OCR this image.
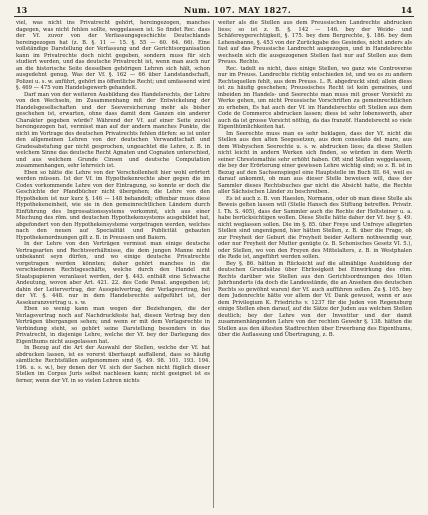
13	Num. 107. MAY 1827.	14

viel, was nicht ins Privatrecht gehört, hereingezogen, manches dagegen, was nicht fehlen sollte, weggelassen ist. So findet Rec. dass der Vf. zuvor von der Verfassungsgeschichte Deutschlands hereingezogen hat (z. B. §. 11 — 15. §. 55 — 60. 64. 66). Eine vollständige Darstellung der Verfassung und der Gerichtsorganisation kann im Privatrechte doch nicht gegeben, sondern muss für sich studiert werden, und das deutsche Privatrecht ist, wenn man auch nur an die historische Seite desselben gehörigen Lehren sich hält, schon ausgedehnt genug. Was der Vf. §. 162 — 66 über Landstandschaft, Polizei u. s. w. anführt, gehört ins öffentliche Recht; und umfassend wird §. 469 — 475 vom Handelsgewerb gehandelt.

Darf man von der weiteren Ausbildung des Handelsrechts, der Lehre von den Wechseln, im Zusammenhang mit der Entwickelung der Handelsgesellschaften und der Seeversicherung mehr als bisher geschehen ist, erwarten, ohne dass damit dem Ganzen ein anderer Charakter gegeben würde? Während der Vf. auf einer Seite zuviel hereingezogen hat, vermisst man auf der andern manches Punkte, die nicht im Vortrage des deutschen Privatrechts fehlen dürfen: so ist unter den allgemeinen Lehren von der deutschen Verwandtschaft und Gradesabstufung gar nicht gesprochen, ungeachtet die Lehre, z. B. in welchem Sinne das deutsche Recht Agnaten und Cognaten unterschied, und aus welchem Grunde Cinsen und deutsche Computation zusammenhangen, sehr lehrreich ist.

Eben so hätte die Lehre von der Verschollenheit hier wohl erörtert werden müssen. Ist der Vf. im Hypothekenrechte aber gegen die im Codex vorkommende Lehre von der Eintragung, so konnte er doch die Geschichte der Pfandbücher nicht übergehen; die Lehre von den Hypotheken ist nur kurz §. 146 — 148 behandelt; offenbar muss diese Hypothekeneinheit, wie sie in den gemeinrechtlichen Ländern durch Einführung des Ingrossationssystems vorkommt, sich aus einer Mischung des röm. und deutschen Hypothekensystems ausgebildet hat, abgefondert von den Hypothekensysteme vorgetragen werden, welches nach den neuen auf Specialität und Publicität gebauten Hypothekenordnungen gilt z. B. in Preussen und Baiern.

In der Lehre von den Verträgen vermisst man einige deutsche Vertragsarten und Rechtsverhältnisse, die dem jungen Manne nicht unbekannt seyn dürfen, und wo einige deutsche Privatrechte vorgetragen werden könnten; daher gehört manches in die verschiedenen Rechtsgeschäfte, welche durch den Handel mit Staatspapieren veranlasst werden, der §. 443. enthält eine Schwache Andeutung, wovon aber Art. 421. 22. des Code Penal. angegeben ist; dahin der Leitervertrag, der Ausspielvertrag, der Verlagsvertrag, bei der Vf. §. 448. nur in dem Handelsrechte aufgeführt ist, der Assekuranzvertrag u. s. w.

Eben so wenig kann man wegen der Beziehungen, die der Verlagsvertrag noch auf Nachdruckfeste hat, diesen Vertrag bey den Verträgen übergangen sehen; und wenn er mit dem Verlagsrechte in Verbindung steht, so gehört seine Darstellung besonders in das Privatrecht, in diejenige Lehre, welche der Vf. bey der Darlegung des Eigenthums nicht ausgelassen hat.

In Bezug auf die Art der Auswahl der Stellen, welche der Vf. hat abdrucken lassen, ist es vorerst überhaupt auffallend, dass so häufig sämtliche Rechtsfällen aufgenommen sind (§. 49. 98. 101. 193. 194. 196. u. s. w.), bey denen der Vf. sich der Sachen nicht füglich dieser Stellen im Corpus Juris selbst nachlesen kann; nicht geeignet ist es ferner, wenn der Vf. in so vielen Lehren nichts

weiter als die Stellen aus dem Preussischen Landrechte abdrucken liess; so ist z. B. §. 142 — 146. bey der Weide- und Schäfereygerechtigkeit, §. 175. bey dem Bergrechte, §. 186. bey dem Lehensbanne, §. 453 von der Zurückgabe des Gesindes, nicht anders als fast auf das Preussische Landrecht ausgezogen, und in Handelsrechte wechseln sich die ausgezogenen Stellen fast nur auf Stellen aus dem Preuss. Rechte.

Rec. tadelt es nicht, dass einige Stellen, wo ganz wie Controverse nur im Preuss. Landrechte richtig entschieden ist, und wo es zu andern Rechtsquellen fehlt, aus dem Preuss. L. R. abgedruckt sind; allein diess ist zu häufig geschehen; Preussisches Recht ist kein gemeines, und inbeiden im Handels- und Seerechte man muss mit groser Vorsicht zu Werke gehen, um nicht Preussische Vorschriften zu gemeinrechtlichen zu erheben, Es hat auch der Vf. im Handelsrechte oft Stellen aus dem Code de Commerce abdrucken lassen; diess ist sehr lobenswerth, aber auch da ist grosse Vorsicht nöthig, da das franzöf. Handelsrecht so viele Eigenthümlichkeiten hat.

Im Seerechte muss man es sehr beklagen, dass der Vf. nicht die Stellen aus den alten Seegesetzen, aus dem consolato del mare, aus dem Wisbyschen Seerechte u. s. w. abdrucken liess; da diese Stellen nicht leicht in andern Werken sich finden, so würden in dem Werth seiner Chrestomathie sehr erhöht haben. Oft sind Stellen weggelassen, die bey der Erörterung einer gewissen Lehre wichtig sind; so z. B. ist in Bezug auf den Sachsenspiegel eine Hauptstelle im Buch III. 64, weil es darauf ankommt, ob man aus dieser Stelle beweisen will, dass der Sammler dieses Rechtsbuches gar nicht die Absicht hatte, die Rechte aller Sächsischen Länder zu beschreiben.

Es ist auch z. B. von Haeslen, Normann, oder ob man diese Stelle als Beweis gelten lassen will (Stelle Hansch des Stiftung betreffen. Privatr. I. Th. S. 405), dass der Sammler auch die Rechte der Holtsteiner u. a. habe berücksichtigen wollen. Diese Stelle hätte daher der Vf. bey §. 49. nicht weglassen sollen. Die im §. 85. über Freye und Unfreye allegirten Stellen sind ungenügend, hier hätten Stellen, z. B. über die Frage, ob zur Freyheit der Geburt die Freyheit beider Aeltern nothwendig war, oder nur Freyheit der Mutter genügte (z. B. Schonisches Gesetz VI. 5.), oder Stellen, wo von den Freyen des Mittelalters, z. B. in Westphalen die Rede ist, angeführt werden sollen.

Bey §. 86. hätten in Rücksicht auf die allmählige Ausbildung der deutschen Grundsätze über Ehrlosigkeit bei Einwirkung des röm. Rechts darüber wie Stellen aus den Gerichtsordnungen des 16ten Jahrhunderts (da doch die Landesstände, die an Ansehen des deutschen Rechts so gewöhnt waren) der Vf. auch aufführen sollen. Zu §. 105. bey dem Judenrechte hätte vor allem der Vf. Dank gewusst, wenn er aus dem Privilegium K. Friedrichs v. 1237 für die Juden von Regensburg einige Stellen eben darauf, auf die Sätze der Juden aus welchen Stellen deutlich; bey der Lehre von der Investitur und der damit zusammenhängenden Lehre von der rechten Gewehr §. 138. hätten die Stellen aus den ältesten Stadtrechten über Erwerbung des Eigenthums, über die Auflassung und Übertragung, z. B.
